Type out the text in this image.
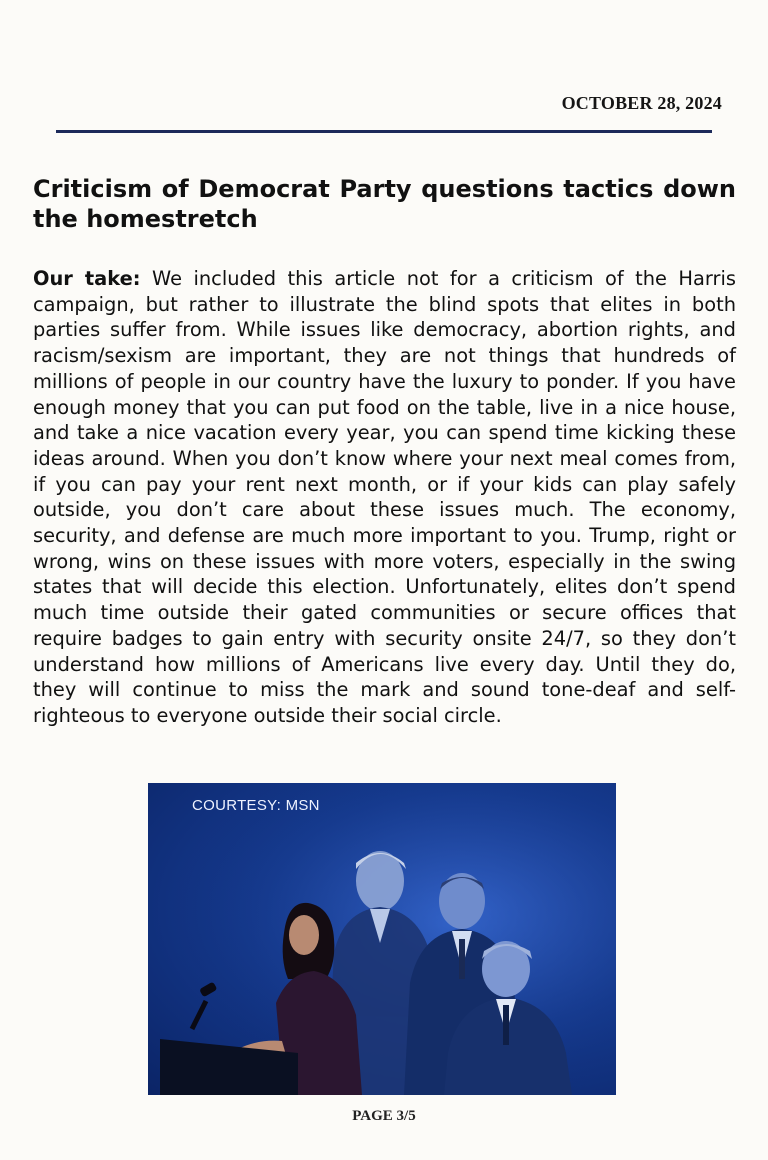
OCTOBER 28, 2024
Criticism of Democrat Party questions tactics down the homestretch

Our take: We included this article not for a criticism of the Harris campaign, but rather to illustrate the blind spots that elites in both parties suffer from. While issues like democracy, abortion rights, and racism/sexism are important, they are not things that hundreds of millions of people in our country have the luxury to ponder. If you have enough money that you can put food on the table, live in a nice house, and take a nice vacation every year, you can spend time kicking these ideas around. When you don’t know where your next meal comes from, if you can pay your rent next month, or if your kids can play safely outside, you don’t care about these issues much. The economy, security, and defense are much more important to you. Trump, right or wrong, wins on these issues with more voters, especially in the swing states that will decide this election. Unfortunately, elites don’t spend much time outside their gated communities or secure offices that require badges to gain entry with security onsite 24/7, so they don’t understand how millions of Americans live every day. Until they do, they will continue to miss the mark and sound tone-deaf and self-righteous to everyone outside their social circle.

COURTESY: MSN
PAGE 3/5
